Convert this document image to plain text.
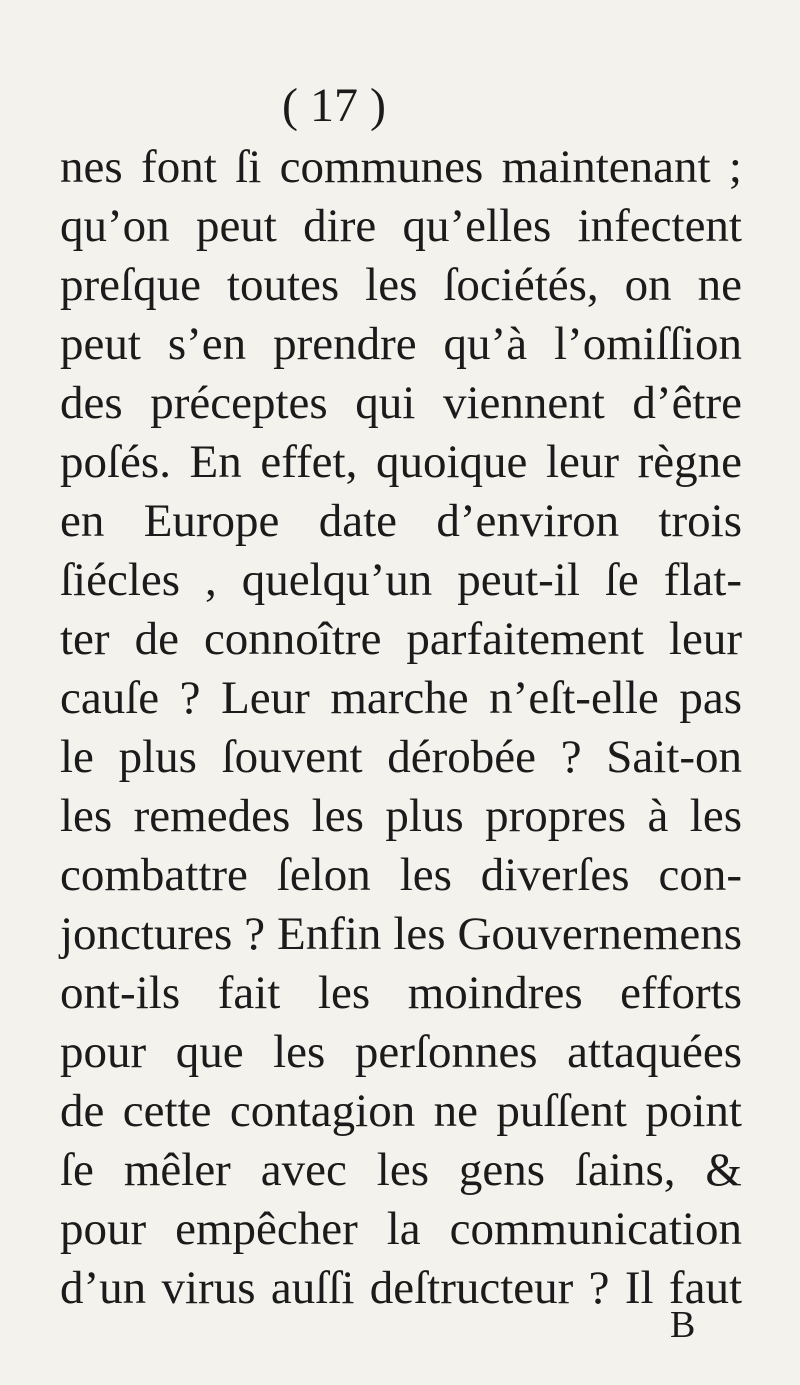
( 17 )
nes font ſi communes maintenant ;
qu’on peut dire qu’elles infectent
preſque toutes les ſociétés, on ne
peut s’en prendre qu’à l’omiſſion
des préceptes qui viennent d’être
poſés. En effet, quoique leur règne
en Europe date d’environ trois
ſiécles , quelqu’un peut-il ſe flat-
ter de connoître parfaitement leur
cauſe ? Leur marche n’eſt-elle pas
le plus ſouvent dérobée ? Sait-on
les remedes les plus propres à les
combattre ſelon les diverſes con-
jonctures ? Enfin les Gouvernemens
ont-ils fait les moindres efforts
pour que les perſonnes attaquées
de cette contagion ne puſſent point
ſe mêler avec les gens ſains, &
pour empêcher la communication
d’un virus auſſi deſtructeur ? Il faut
B
